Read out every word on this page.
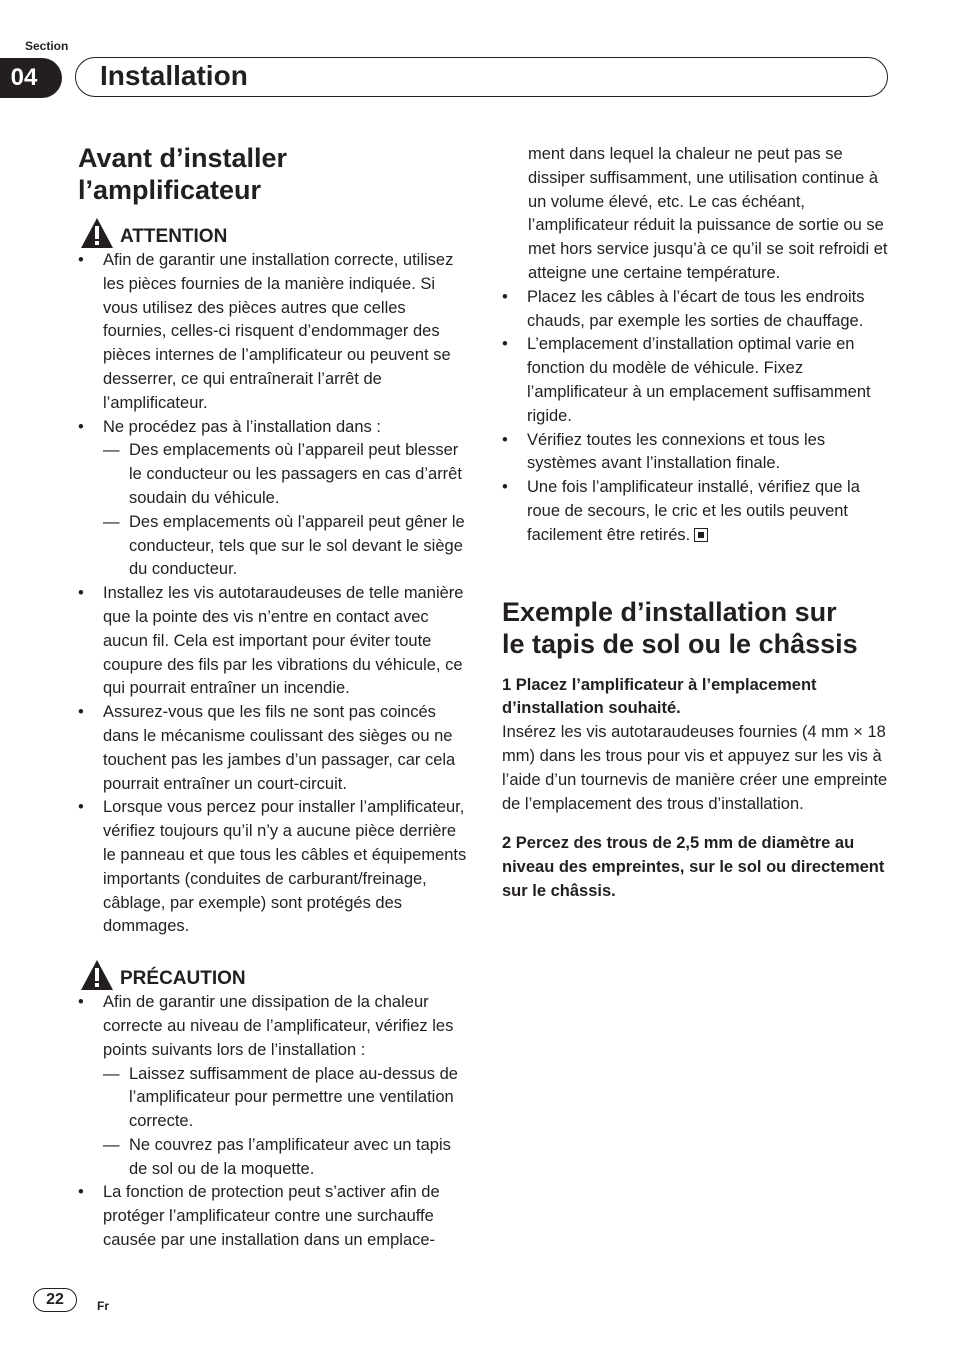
Section
04	Installation
Avant d’installer
l’amplificateur
ATTENTION
• Afin de garantir une installation correcte, utilisez les pièces fournies de la manière indiquée. Si vous utilisez des pièces autres que celles fournies, celles-ci risquent d’endommager des pièces internes de l’amplificateur ou peuvent se desserrer, ce qui entraînerait l’arrêt de l’amplificateur.
• Ne procédez pas à l’installation dans :
— Des emplacements où l’appareil peut blesser le conducteur ou les passagers en cas d’arrêt soudain du véhicule.
— Des emplacements où l’appareil peut gêner le conducteur, tels que sur le sol devant le siège du conducteur.
• Installez les vis autotaraudeuses de telle manière que la pointe des vis n’entre en contact avec aucun fil. Cela est important pour éviter toute coupure des fils par les vibrations du véhicule, ce qui pourrait entraîner un incendie.
• Assurez-vous que les fils ne sont pas coincés dans le mécanisme coulissant des sièges ou ne touchent pas les jambes d’un passager, car cela pourrait entraîner un court-circuit.
• Lorsque vous percez pour installer l’amplificateur, vérifiez toujours qu’il n’y a aucune pièce derrière le panneau et que tous les câbles et équipements importants (conduites de carburant/freinage, câblage, par exemple) sont protégés des dommages.
PRÉCAUTION
• Afin de garantir une dissipation de la chaleur correcte au niveau de l’amplificateur, vérifiez les points suivants lors de l’installation :
— Laissez suffisamment de place au-dessus de l’amplificateur pour permettre une ventilation correcte.
— Ne couvrez pas l’amplificateur avec un tapis de sol ou de la moquette.
• La fonction de protection peut s’activer afin de protéger l’amplificateur contre une surchauffe causée par une installation dans un emplace-
ment dans lequel la chaleur ne peut pas se dissiper suffisamment, une utilisation continue à un volume élevé, etc. Le cas échéant, l’amplificateur réduit la puissance de sortie ou se met hors service jusqu’à ce qu’il se soit refroidi et atteigne une certaine température.
• Placez les câbles à l’écart de tous les endroits chauds, par exemple les sorties de chauffage.
• L’emplacement d’installation optimal varie en fonction du modèle de véhicule. Fixez l’amplificateur à un emplacement suffisamment rigide.
• Vérifiez toutes les connexions et tous les systèmes avant l’installation finale.
• Une fois l’amplificateur installé, vérifiez que la roue de secours, le cric et les outils peuvent facilement être retirés.
Exemple d’installation sur
le tapis de sol ou le châssis
1 Placez l’amplificateur à l’emplacement d’installation souhaité.
Insérez les vis autotaraudeuses fournies (4 mm × 18 mm) dans les trous pour vis et appuyez sur les vis à l’aide d’un tournevis de manière créer une empreinte de l’emplacement des trous d’installation.
2 Percez des trous de 2,5 mm de diamètre au niveau des empreintes, sur le sol ou directement sur le châssis.
22	Fr
